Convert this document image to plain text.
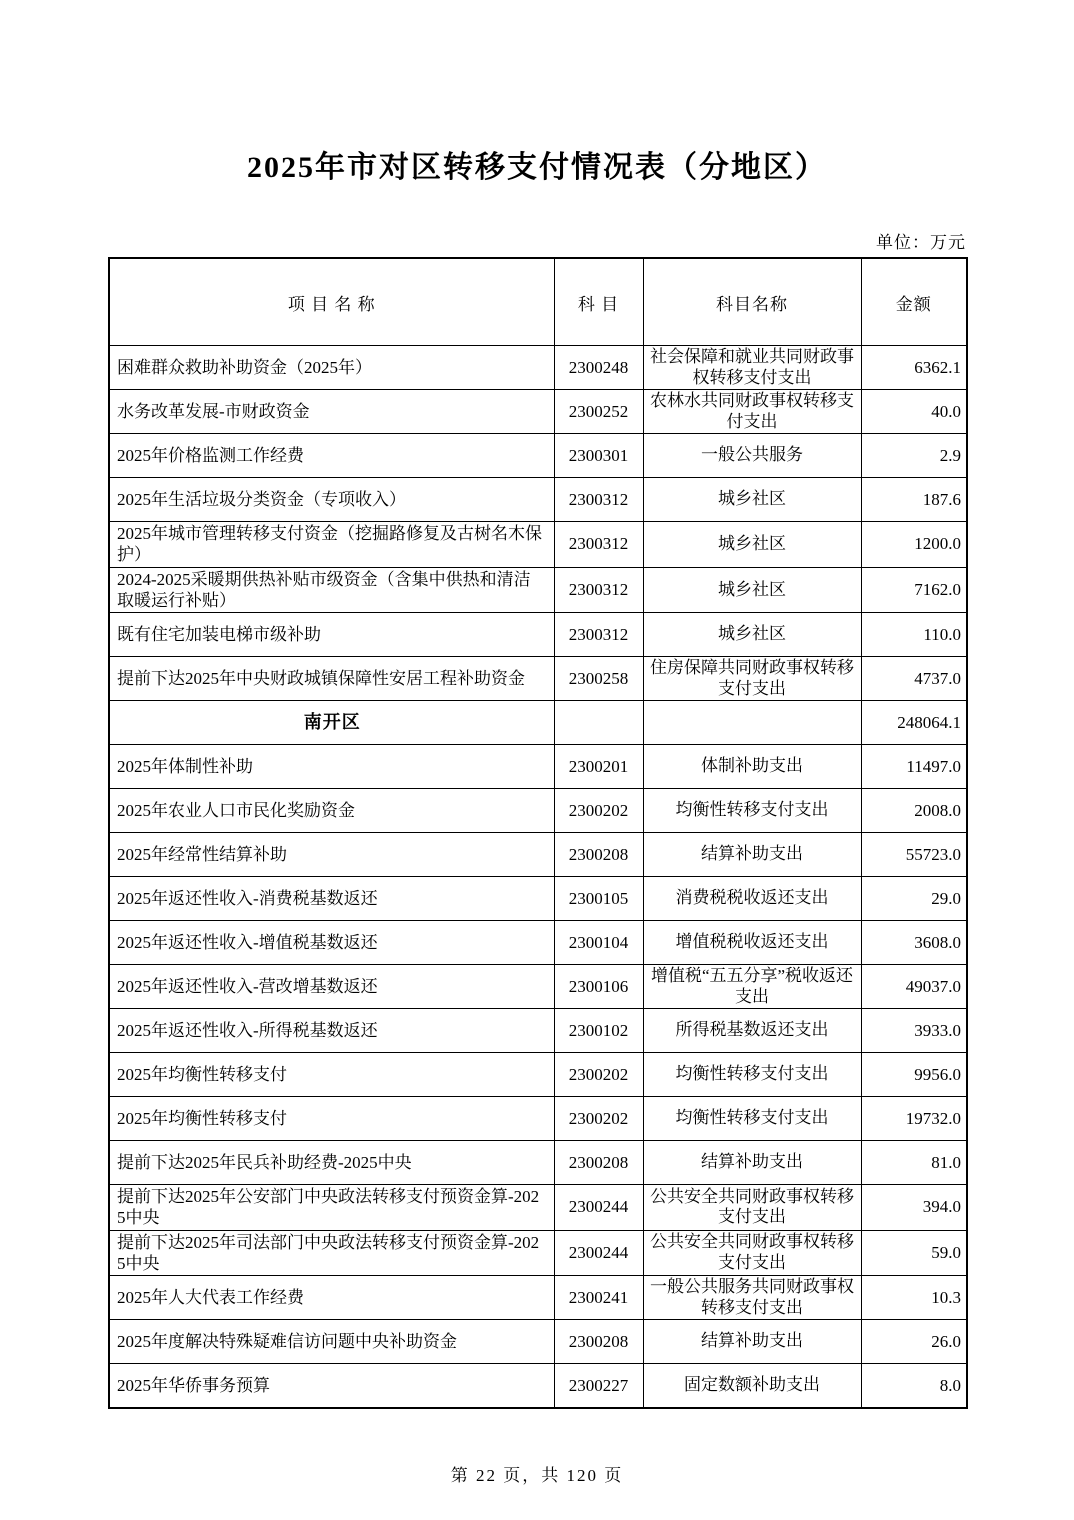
2025年市对区转移支付情况表（分地区）
单位：万元
项 目 名 称	科 目	科目名称	金额
困难群众救助补助资金（2025年）	2300248	社会保障和就业共同财政事权转移支付支出	6362.1
水务改革发展-市财政资金	2300252	农林水共同财政事权转移支付支出	40.0
2025年价格监测工作经费	2300301	一般公共服务	2.9
2025年生活垃圾分类资金（专项收入）	2300312	城乡社区	187.6
2025年城市管理转移支付资金（挖掘路修复及古树名木保护）	2300312	城乡社区	1200.0
2024-2025采暖期供热补贴市级资金（含集中供热和清洁取暖运行补贴）	2300312	城乡社区	7162.0
既有住宅加装电梯市级补助	2300312	城乡社区	110.0
提前下达2025年中央财政城镇保障性安居工程补助资金	2300258	住房保障共同财政事权转移支付支出	4737.0
南开区			248064.1
2025年体制性补助	2300201	体制补助支出	11497.0
2025年农业人口市民化奖励资金	2300202	均衡性转移支付支出	2008.0
2025年经常性结算补助	2300208	结算补助支出	55723.0
2025年返还性收入-消费税基数返还	2300105	消费税税收返还支出	29.0
2025年返还性收入-增值税基数返还	2300104	增值税税收返还支出	3608.0
2025年返还性收入-营改增基数返还	2300106	增值税“五五分享”税收返还支出	49037.0
2025年返还性收入-所得税基数返还	2300102	所得税基数返还支出	3933.0
2025年均衡性转移支付	2300202	均衡性转移支付支出	9956.0
2025年均衡性转移支付	2300202	均衡性转移支付支出	19732.0
提前下达2025年民兵补助经费-2025中央	2300208	结算补助支出	81.0
提前下达2025年公安部门中央政法转移支付预资金算-2025中央	2300244	公共安全共同财政事权转移支付支出	394.0
提前下达2025年司法部门中央政法转移支付预资金算-2025中央	2300244	公共安全共同财政事权转移支付支出	59.0
2025年人大代表工作经费	2300241	一般公共服务共同财政事权转移支付支出	10.3
2025年度解决特殊疑难信访问题中央补助资金	2300208	结算补助支出	26.0
2025年华侨事务预算	2300227	固定数额补助支出	8.0
第 22 页，共 120 页
